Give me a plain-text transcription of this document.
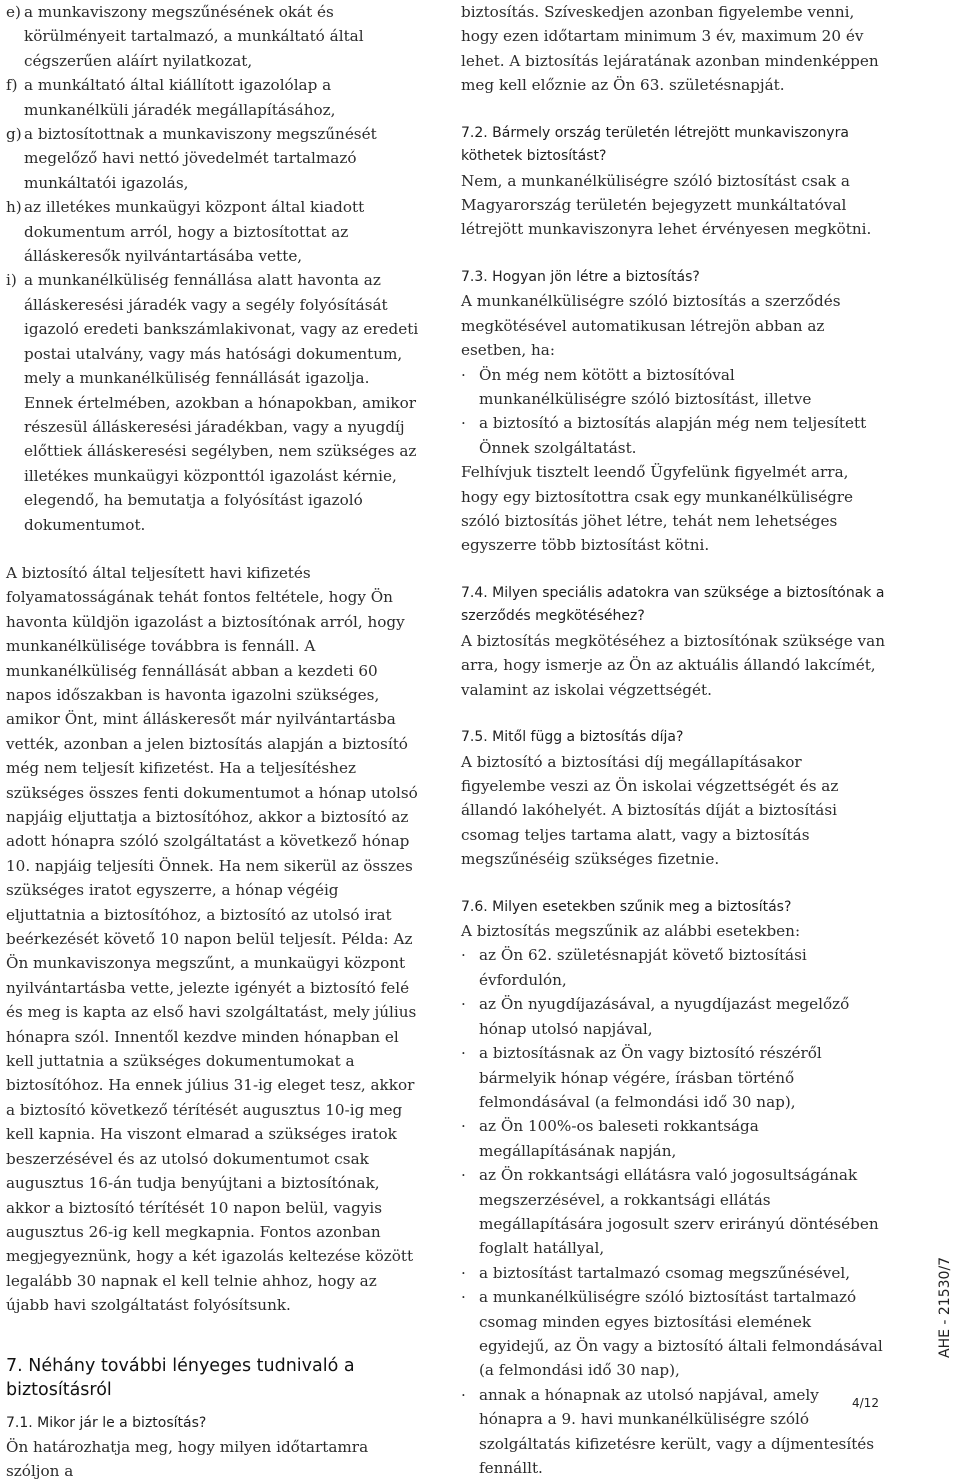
e) a munkaviszony megszűnésének okát és körülményeit tartalmazó, a munkáltató által cégszerűen aláírt nyilatkozat,
f) a munkáltató által kiállított igazolólap a munkanélküli járadék megállapításához,
g) a biztosítottnak a munkaviszony megszűnését megelőző havi nettó jövedelmét tartalmazó munkáltatói igazolás,
h) az illetékes munkaügyi központ által kiadott dokumentum arról, hogy a biztosítottat az álláskeresők nyilvántartásába vette,
i) a munkanélküliség fennállása alatt havonta az álláskeresési járadék vagy a segély folyósítását igazoló eredeti bankszámlakivonat, vagy az eredeti postai utalvány, vagy más hatósági dokumentum, mely a munkanélküliség fennállását igazolja. Ennek értelmében, azokban a hónapokban, amikor részesül álláskeresési járadékban, vagy a nyugdíj előttiek álláskeresési segélyben, nem szükséges az illetékes munkaügyi központtól igazolást kérnie, elegendő, ha bemutatja a folyósítást igazoló dokumentumot.

A biztosító által teljesített havi kifizetés folyamatosságának tehát fontos feltétele, hogy Ön havonta küldjön igazolást a biztosítónak arról, hogy munkanélkülisége továbbra is fennáll. A munkanélküliség fennállását abban a kezdeti 60 napos időszakban is havonta igazolni szükséges, amikor Önt, mint álláskeresőt már nyilvántartásba vették, azonban a jelen biztosítás alapján a biztosító még nem teljesít kifizetést. Ha a teljesítéshez szükséges összes fenti dokumentumot a hónap utolsó napjáig eljuttatja a biztosítóhoz, akkor a biztosító az adott hónapra szóló szolgáltatást a következő hónap 10. napjáig teljesíti Önnek. Ha nem sikerül az összes szükséges iratot egyszerre, a hónap végéig eljuttatnia a biztosítóhoz, a biztosító az utolsó irat beérkezését követő 10 napon belül teljesít. Példa: Az Ön munkaviszonya megszűnt, a munkaügyi központ nyilvántartásba vette, jelezte igényét a biztosító felé és meg is kapta az első havi szolgáltatást, mely július hónapra szól. Innentől kezdve minden hónapban el kell juttatnia a szükséges dokumentumokat a biztosítóhoz. Ha ennek július 31-ig eleget tesz, akkor a biztosító következő térítését augusztus 10-ig meg kell kapnia. Ha viszont elmarad a szükséges iratok beszerzésével és az utolsó dokumentumot csak augusztus 16-án tudja benyújtani a biztosítónak, akkor a biztosító térítését 10 napon belül, vagyis augusztus 26-ig kell megkapnia. Fontos azonban megjegyeznünk, hogy a két igazolás keltezése között legalább 30 napnak el kell telnie ahhoz, hogy az újabb havi szolgáltatást folyósítsunk.

7. Néhány további lényeges tudnivaló a biztosításról

7.1. Mikor jár le a biztosítás?

Ön határozhatja meg, hogy milyen időtartamra szóljon a

biztosítás. Szíveskedjen azonban figyelembe venni, hogy ezen időtartam minimum 3 év, maximum 20 év lehet. A biztosítás lejáratának azonban mindenképpen meg kell előznie az Ön 63. születésnapját.

7.2. Bármely ország területén létrejött munkaviszonyra köthetek biztosítást?

Nem, a munkanélküliségre szóló biztosítást csak a Magyarország területén bejegyzett munkáltatóval létrejött munkaviszonyra lehet érvényesen megkötni.

7.3. Hogyan jön létre a biztosítás?

A munkanélküliségre szóló biztosítás a szerződés megkötésével automatikusan létrejön abban az esetben, ha:

· Ön még nem kötött a biztosítóval munkanélküliségre szóló biztosítást, illetve
· a biztosító a biztosítás alapján még nem teljesített Önnek szolgáltatást.

Felhívjuk tisztelt leendő Ügyfelünk figyelmét arra, hogy egy biztosítottra csak egy munkanélküliségre szóló biztosítás jöhet létre, tehát nem lehetséges egyszerre több biztosítást kötni.

7.4. Milyen speciális adatokra van szüksége a biztosítónak a szerződés megkötéséhez?

A biztosítás megkötéséhez a biztosítónak szüksége van arra, hogy ismerje az Ön az aktuális állandó lakcímét, valamint az iskolai végzettségét.

7.5. Mitől függ a biztosítás díja?

A biztosító a biztosítási díj megállapításakor figyelembe veszi az Ön iskolai végzettségét és az állandó lakóhelyét. A biztosítás díját a biztosítási csomag teljes tartama alatt, vagy a biztosítás megszűnéséig szükséges fizetnie.

7.6. Milyen esetekben szűnik meg a biztosítás?

A biztosítás megszűnik az alábbi esetekben:

· az Ön 62. születésnapját követő biztosítási évfordulón,
· az Ön nyugdíjazásával, a nyugdíjazást megelőző hónap utolsó napjával,
· a biztosításnak az Ön vagy biztosító részéről bármelyik hónap végére, írásban történő felmondásával (a felmondási idő 30 nap),
· az Ön 100%-os baleseti rokkantsága megállapításának napján,
· az Ön rokkantsági ellátásra való jogosultságának megszerzésével, a rokkantsági ellátás megállapítására jogosult szerv erirányú döntésében foglalt hatállyal,
· a biztosítást tartalmazó csomag megszűnésével,
· a munkanélküliségre szóló biztosítást tartalmazó csomag minden egyes biztosítási elemének egyidejű, az Ön vagy a biztosító általi felmondásával (a felmondási idő 30 nap),
· annak a hónapnak az utolsó napjával, amely hónapra a 9. havi munkanélküliségre szóló szolgáltatás kifizetésre került, vagy a díjmentesítés fennállt.
AHE - 21530/7
4/12
